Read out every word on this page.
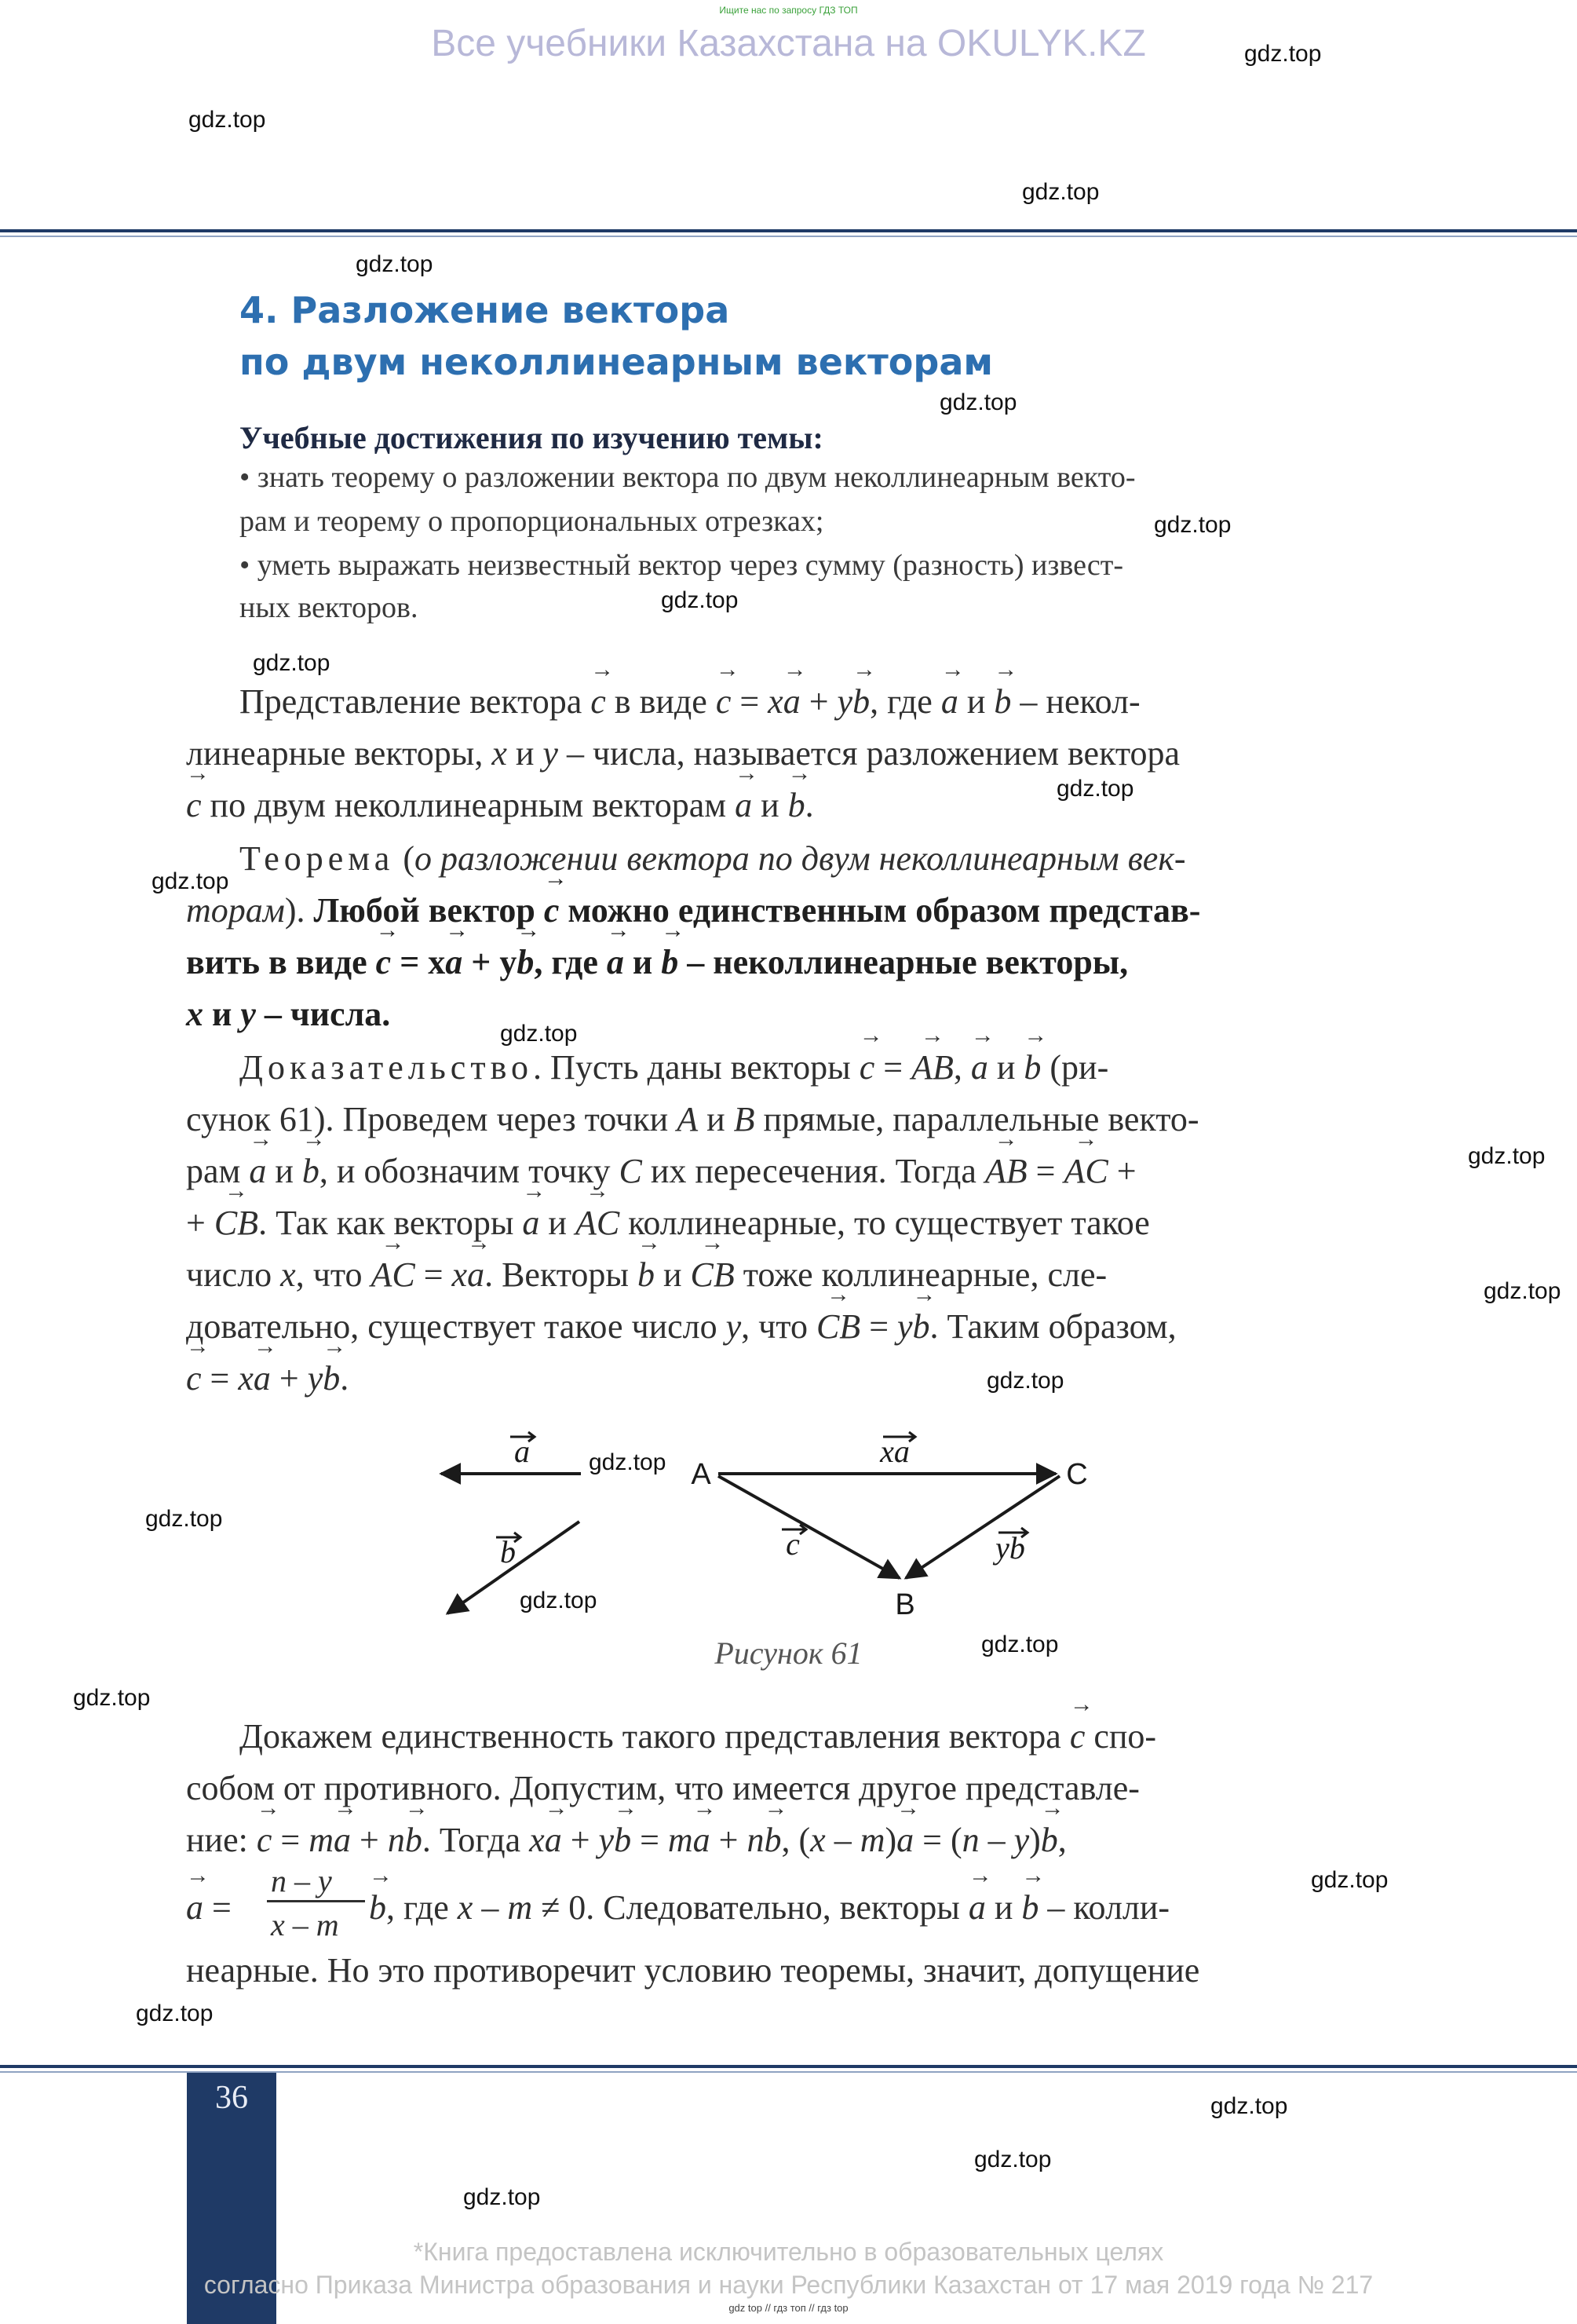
Ищите нас по запросу ГДЗ ТОП
Все учебники Казахстана на OKULYK.KZ	gdz.top
gdz.top
gdz.top
gdz.top
gdz.top
gdz.top
gdz.top
gdz.top
gdz.top
gdz.top
gdz.top
gdz.top
gdz.top
gdz.top
gdz.top
gdz.top
gdz.top
gdz.top
gdz.top
gdz.top
gdz.top
gdz.top
gdz.top
gdz.top
4. Разложение вектора
по двум неколлинеарным векторам
Учебные достижения по изучению темы:
• знать теорему о разложении вектора по двум неколлинеарным векто-
рам и теорему о пропорциональных отрезках;
• уметь выражать неизвестный вектор через сумму (разность) извест-
ных векторов.
Представление вектора → c в виде → c = x→ a + y→ b, где → a и → b – некол-
линеарные векторы, x и y – числа, называется разложением вектора
→ c по двум неколлинеарным векторам → a и → b.
Теорема (о разложении вектора по двум неколлинеарным век-
торам). Любой вектор → c можно единственным образом представ-
вить в виде → c = x→ a + y→ b, где → a и → b – неколлинеарные векторы,
x и y – числа.
Доказательство. Пусть даны векторы → c = → AB, → a и → b (ри-
сунок 61). Проведем через точки A и B прямые, параллельные векто-
рам → a и → b, и обозначим точку C их пересечения. Тогда → AB = → AC +
+ → CB. Так как векторы → a и → AC коллинеарные, то существует такое
число x, что → AC = x→ a. Векторы → b и → CB тоже коллинеарные, сле-
довательно, существует такое число y, что → CB = y→ b. Таким образом,
→ c = x→ a + y→ b.
a
b
xa
c	yb
A
B
C
Рисунок 61
Докажем единственность такого представления вектора → c спо-
собом от противного. Допустим, что имеется другое представле-
ние: → c = m→ a + n→ b. Тогда x→ a + y→ b = m→ a + n→ b, (x – m)→ a = (n – y)→ b,
→ a =
n – y
x – m
→ b, где x – m ≠ 0. Следовательно, векторы → a и → b – колли-
неарные. Но это противоречит условию теоремы, значит, допущение
36
*Книга предоставлена исключительно в образовательных целях
согласно Приказа Министра образования и науки Республики Казахстан от 17 мая 2019 года № 217
gdz top // гдз топ // гдз top
